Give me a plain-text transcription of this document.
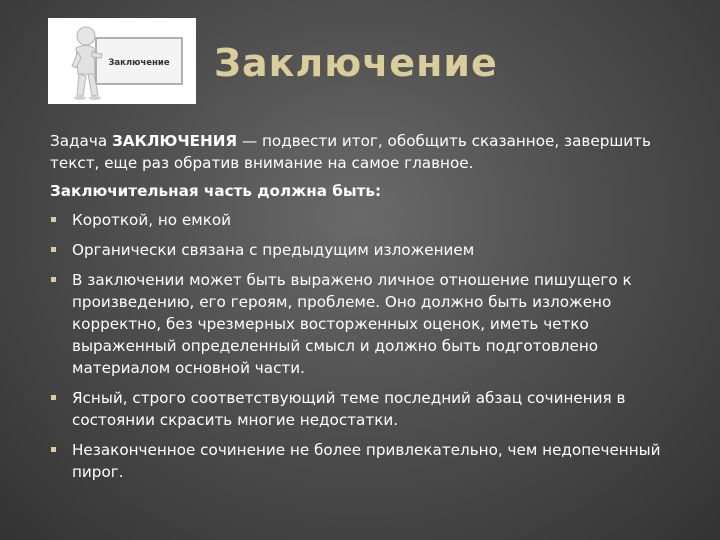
Заключение Заключение

Задача ЗАКЛЮЧЕНИЯ — подвести итог, обобщить сказанное, завершить текст, еще раз обратив внимание на самое главное.

Заключительная часть должна быть:

Короткой, но емкой
Органически связана с предыдущим изложением
В заключении может быть выражено личное отношение пишущего к произведению, его героям, проблеме. Оно должно быть изложено корректно, без чрезмерных восторженных оценок, иметь четко выраженный определенный смысл и должно быть подготовлено материалом основной части.
Ясный, строго соответствующий теме последний абзац сочинения в состоянии скрасить многие недостатки.
Незаконченное сочинение не более привлекательно, чем недопеченный пирог.
